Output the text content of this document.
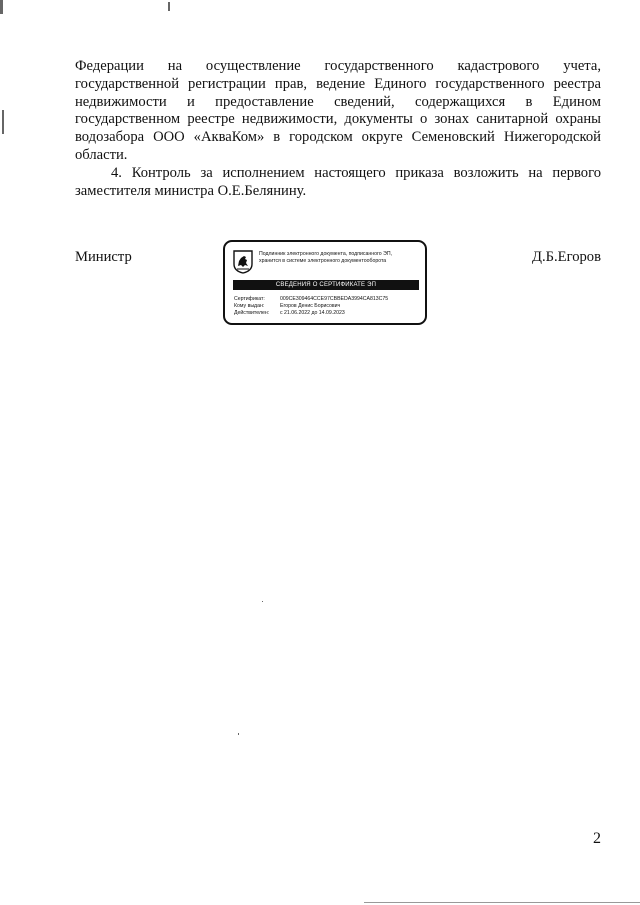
Федерации на осуществление государственного кадастрового учета, государственной регистрации прав, ведение Единого государственного реестра недвижимости и предоставление сведений, содержащихся в Едином государственном реестре недвижимости, документы о зонах санитарной охраны водозабора ООО «АкваКом» в городском округе Семеновский Нижегородской области.

4. Контроль за исполнением настоящего приказа возложить на первого заместителя министра О.Е.Белянину.

Министр	Д.Б.Егоров
Подлинник электронного документа, подписанного ЭП,
хранится в системе электронного документооборота
СВЕДЕНИЯ О СЕРТИФИКАТЕ ЭП
Сертификат:	009CE309464CCE97CBBEDA3994CA813C75
Кому выдан:	Егоров Денис Борисович
Действителен: с 21.06.2022 до 14.09.2023
2
